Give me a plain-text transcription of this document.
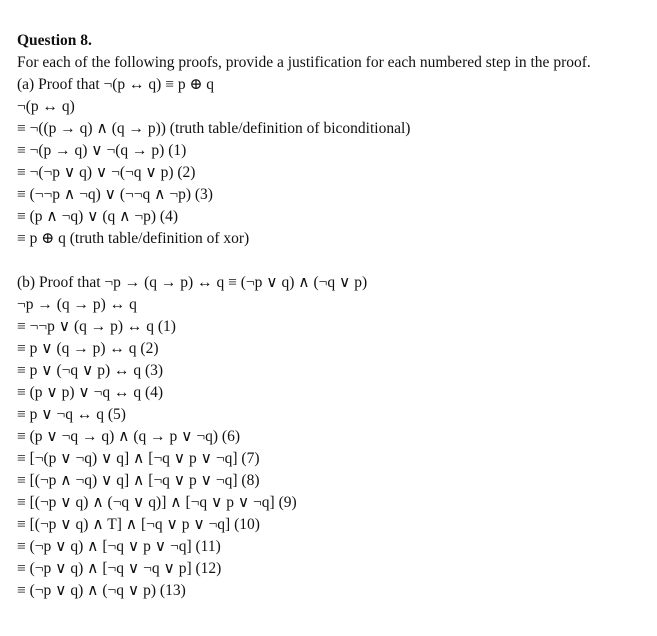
Question 8.
For each of the following proofs, provide a justification for each numbered step in the proof.
(a) Proof that ¬(p ↔ q) ≡ p ⊕ q
¬(p ↔ q)
≡ ¬((p → q) ∧ (q → p)) (truth table/definition of biconditional)
≡ ¬(p → q) ∨ ¬(q → p) (1)
≡ ¬(¬p ∨ q) ∨ ¬(¬q ∨ p) (2)
≡ (¬¬p ∧ ¬q) ∨ (¬¬q ∧ ¬p) (3)
≡ (p ∧ ¬q) ∨ (q ∧ ¬p) (4)
≡ p ⊕ q (truth table/definition of xor)
(b) Proof that ¬p → (q → p) ↔ q ≡ (¬p ∨ q) ∧ (¬q ∨ p)
¬p → (q → p) ↔ q
≡ ¬¬p ∨ (q → p) ↔ q (1)
≡ p ∨ (q → p) ↔ q (2)
≡ p ∨ (¬q ∨ p) ↔ q (3)
≡ (p ∨ p) ∨ ¬q ↔ q (4)
≡ p ∨ ¬q ↔ q (5)
≡ (p ∨ ¬q → q) ∧ (q → p ∨ ¬q) (6)
≡ [¬(p ∨ ¬q) ∨ q] ∧ [¬q ∨ p ∨ ¬q] (7)
≡ [(¬p ∧ ¬q) ∨ q] ∧ [¬q ∨ p ∨ ¬q] (8)
≡ [(¬p ∨ q) ∧ (¬q ∨ q)] ∧ [¬q ∨ p ∨ ¬q] (9)
≡ [(¬p ∨ q) ∧ T] ∧ [¬q ∨ p ∨ ¬q] (10)
≡ (¬p ∨ q) ∧ [¬q ∨ p ∨ ¬q] (11)
≡ (¬p ∨ q) ∧ [¬q ∨ ¬q ∨ p] (12)
≡ (¬p ∨ q) ∧ (¬q ∨ p) (13)
